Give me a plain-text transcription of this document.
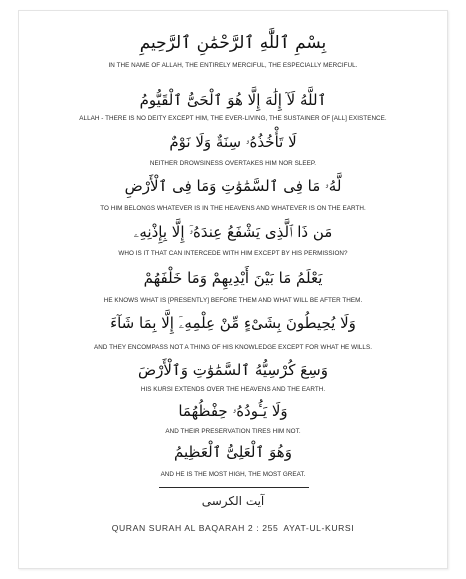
بِسْمِ ٱللَّٰهِ ٱلرَّحْمَٰنِ ٱلرَّحِيمِ
IN THE NAME OF ALLAH, THE ENTIRELY MERCIFUL, THE ESPECIALLY MERCIFUL.
ٱللَّهُ لَآ إِلَٰهَ إِلَّا هُوَ ٱلْحَىُّ ٱلْقَيُّومُ
ALLAH - THERE IS NO DEITY EXCEPT HIM, THE EVER-LIVING, THE SUSTAINER OF [ALL] EXISTENCE.
لَا تَأْخُذُهُۥ سِنَةٌ وَلَا نَوْمٌ
NEITHER DROWSINESS OVERTAKES HIM NOR SLEEP.
لَّهُۥ مَا فِى ٱلسَّمَٰوَٰتِ وَمَا فِى ٱلْأَرْضِ
TO HIM BELONGS WHATEVER IS IN THE HEAVENS AND WHATEVER IS ON THE EARTH.
مَن ذَا ٱلَّذِى يَشْفَعُ عِندَهُۥٓ إِلَّا بِإِذْنِهِۦ
WHO IS IT THAT CAN INTERCEDE WITH HIM EXCEPT BY HIS PERMISSION?
يَعْلَمُ مَا بَيْنَ أَيْدِيهِمْ وَمَا خَلْفَهُمْ
HE KNOWS WHAT IS [PRESENTLY] BEFORE THEM AND WHAT WILL BE AFTER THEM.
وَلَا يُحِيطُونَ بِشَىْءٍ مِّنْ عِلْمِهِۦٓ إِلَّا بِمَا شَآءَ
AND THEY ENCOMPASS NOT A THING OF HIS KNOWLEDGE EXCEPT FOR WHAT HE WILLS.
وَسِعَ كُرْسِيُّهُ ٱلسَّمَٰوَٰتِ وَٱلْأَرْضَ
HIS KURSI EXTENDS OVER THE HEAVENS AND THE EARTH.
وَلَا يَـُٔودُهُۥ حِفْظُهُمَا
AND THEIR PRESERVATION TIRES HIM NOT.
وَهُوَ ٱلْعَلِىُّ ٱلْعَظِيمُ
AND HE IS THE MOST HIGH, THE MOST GREAT.
آيت الكرسى
QURAN SURAH AL BAQARAH 2 : 255 AYAT-UL-KURSI
